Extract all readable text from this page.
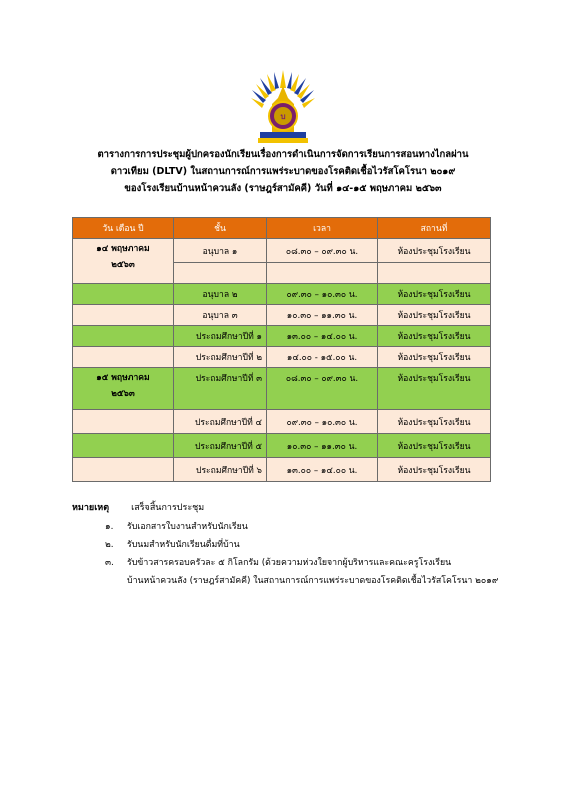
บ
ตารางการการประชุมผู้ปกครองนักเรียนเรื่องการดำเนินการจัดการเรียนการสอนทางไกลผ่าน
ดาวเทียม (DLTV) ในสถานการณ์การแพร่ระบาดของโรคติดเชื้อไวรัสโคโรนา ๒๐๑๙
ของโรงเรียนบ้านหน้าควนลัง (ราษฎร์สามัคคี) วันที่ ๑๔-๑๕ พฤษภาคม ๒๕๖๓
วัน เดือน ปี	ชั้น	เวลา	สถานที่

๑๔ พฤษภาคม
๒๕๖๓	อนุบาล ๑	๐๘.๓๐ – ๐๙.๓๐ น.	ห้องประชุมโรงเรียน

	อนุบาล ๒	๐๙.๓๐ – ๑๐.๓๐ น.	ห้องประชุมโรงเรียน
	อนุบาล ๓	๑๐.๓๐ – ๑๑.๓๐ น.	ห้องประชุมโรงเรียน
	ประถมศึกษาปีที่ ๑	๑๓.๐๐ – ๑๔.๐๐ น.	ห้องประชุมโรงเรียน
	ประถมศึกษาปีที่ ๒	๑๔.๐๐ - ๑๕.๐๐ น.	ห้องประชุมโรงเรียน

๑๕ พฤษภาคม
๒๕๖๓	ประถมศึกษาปีที่ ๓	๐๘.๓๐ – ๐๙.๓๐ น.	ห้องประชุมโรงเรียน
	ประถมศึกษาปีที่ ๔	๐๙.๓๐ – ๑๐.๓๐ น.	ห้องประชุมโรงเรียน
	ประถมศึกษาปีที่ ๕	๑๐.๓๐ – ๑๑.๓๐ น.	ห้องประชุมโรงเรียน
	ประถมศึกษาปีที่ ๖	๑๓.๐๐ – ๑๔.๐๐ น.	ห้องประชุมโรงเรียน
หมายเหตุ เสร็จสิ้นการประชุม
๑.	รับเอกสารใบงานสำหรับนักเรียน
๒.	รับนมสำหรับนักเรียนดื่มที่บ้าน
๓.	รับข้าวสารครอบครัวละ ๕ กิโลกรัม (ด้วยความห่วงใยจากผู้บริหารและคณะครูโรงเรียน
บ้านหน้าควนลัง (ราษฎร์สามัคคี) ในสถานการณ์การแพร่ระบาดของโรคติดเชื้อไวรัสโคโรนา ๒๐๑๙
